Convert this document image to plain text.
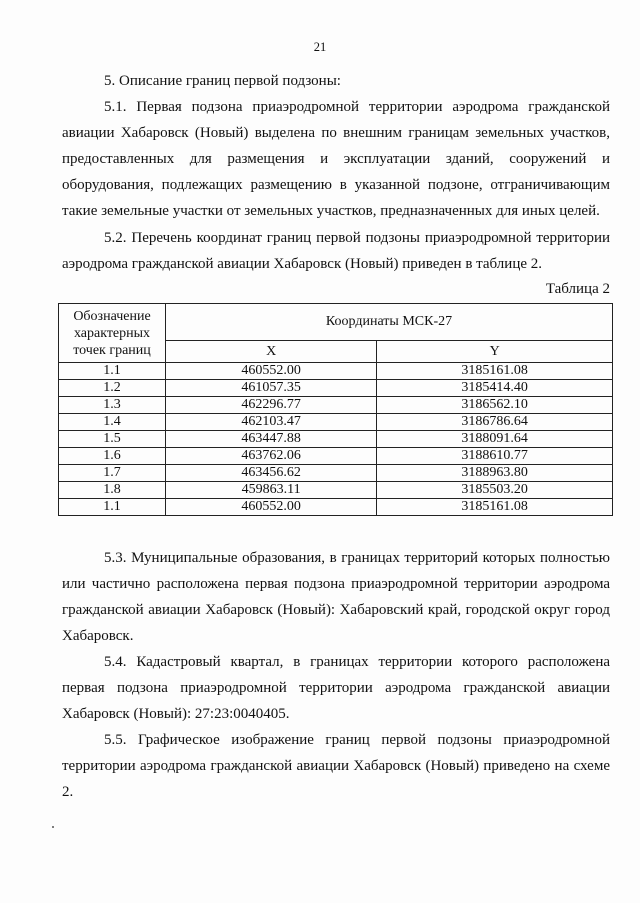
21

5. Описание границ первой подзоны:

5.1. Первая подзона приаэродромной территории аэродрома гражданской авиации Хабаровск (Новый) выделена по внешним границам земельных участков, предоставленных для размещения и эксплуатации зданий, сооружений и оборудования, подлежащих размещению в указанной подзоне, отграничивающим такие земельные участки от земельных участков, предназначенных для иных целей.

5.2. Перечень координат границ первой подзоны приаэродромной территории аэродрома гражданской авиации Хабаровск (Новый) приведен в таблице 2.

Таблица 2
Обозначение характерных точек границ	Координаты МСК-27	
	X	Y
1.1	460552.00	3185161.08
1.2	461057.35	3185414.40
1.3	462296.77	3186562.10
1.4	462103.47	3186786.64
1.5	463447.88	3188091.64
1.6	463762.06	3188610.77
1.7	463456.62	3188963.80
1.8	459863.11	3185503.20
1.1	460552.00	3185161.08

5.3. Муниципальные образования, в границах территорий которых полностью или частично расположена первая подзона приаэродромной территории аэродрома гражданской авиации Хабаровск (Новый): Хабаровский край, городской округ город Хабаровск.

5.4. Кадастровый квартал, в границах территории которого расположена первая подзона приаэродромной территории аэродрома гражданской авиации Хабаровск (Новый): 27:23:0040405.

5.5. Графическое изображение границ первой подзоны приаэродромной территории аэродрома гражданской авиации Хабаровск (Новый) приведено на схеме 2.
